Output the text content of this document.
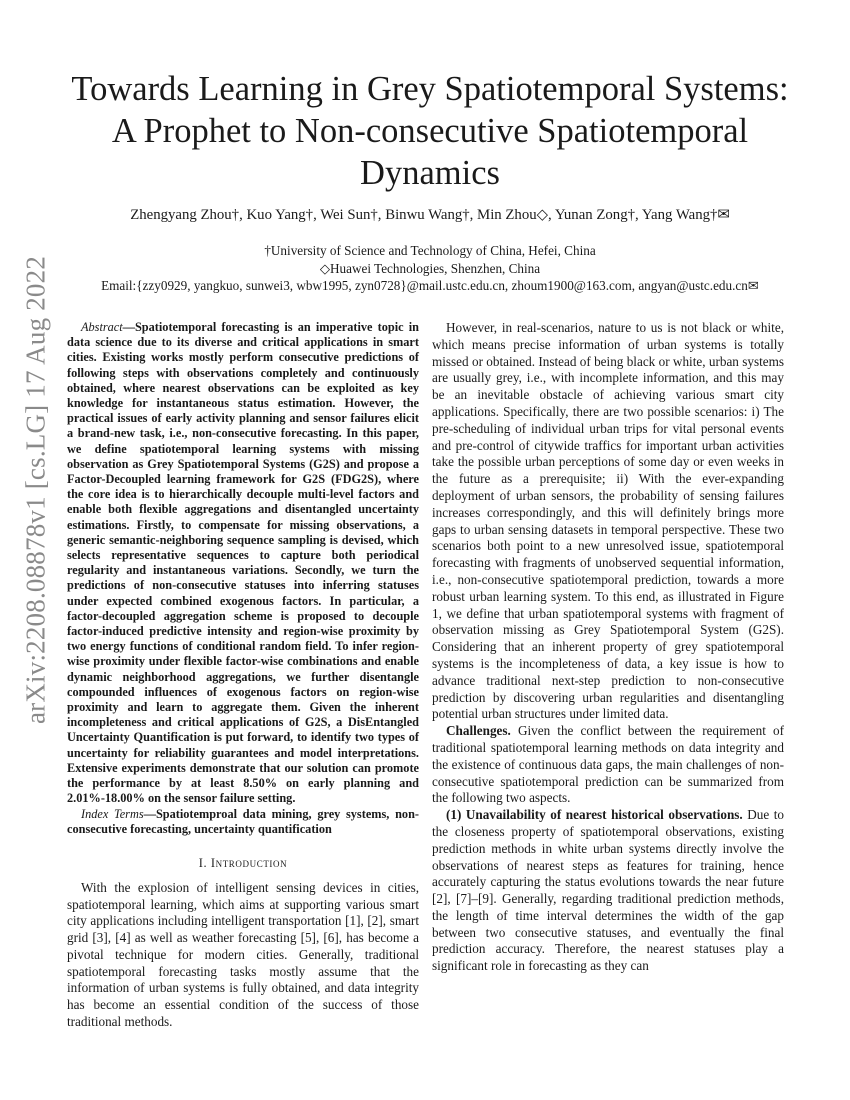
arXiv:2208.08878v1 [cs.LG] 17 Aug 2022
Towards Learning in Grey Spatiotemporal Systems: A Prophet to Non-consecutive Spatiotemporal Dynamics
Zhengyang Zhou†, Kuo Yang†, Wei Sun†, Binwu Wang†, Min Zhou◇, Yunan Zong†, Yang Wang†✉
†University of Science and Technology of China, Hefei, China
◇Huawei Technologies, Shenzhen, China
Email:{zzy0929, yangkuo, sunwei3, wbw1995, zyn0728}@mail.ustc.edu.cn, zhoum1900@163.com, angyan@ustc.edu.cn✉

Abstract—Spatiotemporal forecasting is an imperative topic in data science due to its diverse and critical applications in smart cities. Existing works mostly perform consecutive predictions of following steps with observations completely and continuously obtained, where nearest observations can be exploited as key knowledge for instantaneous status estimation. However, the practical issues of early activity planning and sensor failures elicit a brand-new task, i.e., non-consecutive forecasting. In this paper, we define spatiotemporal learning systems with missing observation as Grey Spatiotemporal Systems (G2S) and propose a Factor-Decoupled learning framework for G2S (FDG2S), where the core idea is to hierarchically decouple multi-level factors and enable both flexible aggregations and disentangled uncertainty estimations. Firstly, to compensate for missing observations, a generic semantic-neighboring sequence sampling is devised, which selects representative sequences to capture both periodical regularity and instantaneous variations. Secondly, we turn the predictions of non-consecutive statuses into inferring statuses under expected combined exogenous factors. In particular, a factor-decoupled aggregation scheme is proposed to decouple factor-induced predictive intensity and region-wise proximity by two energy functions of conditional random field. To infer region-wise proximity under flexible factor-wise combinations and enable dynamic neighborhood aggregations, we further disentangle compounded influences of exogenous factors on region-wise proximity and learn to aggregate them. Given the inherent incompleteness and critical applications of G2S, a DisEntangled Uncertainty Quantification is put forward, to identify two types of uncertainty for reliability guarantees and model interpretations. Extensive experiments demonstrate that our solution can promote the performance by at least 8.50% on early planning and 2.01%-18.00% on the sensor failure setting.

Index Terms—Spatiotemproal data mining, grey systems, non-consecutive forecasting, uncertainty quantification

I. Introduction

With the explosion of intelligent sensing devices in cities, spatiotemporal learning, which aims at supporting various smart city applications including intelligent transportation [1], [2], smart grid [3], [4] as well as weather forecasting [5], [6], has become a pivotal technique for modern cities. Generally, traditional spatiotemporal forecasting tasks mostly assume that the information of urban systems is fully obtained, and data integrity has become an essential condition of the success of those traditional methods.

However, in real-scenarios, nature to us is not black or white, which means precise information of urban systems is totally missed or obtained. Instead of being black or white, urban systems are usually grey, i.e., with incomplete information, and this may be an inevitable obstacle of achieving various smart city applications. Specifically, there are two possible scenarios: i) The pre-scheduling of individual urban trips for vital personal events and pre-control of citywide traffics for important urban activities take the possible urban perceptions of some day or even weeks in the future as a prerequisite; ii) With the ever-expanding deployment of urban sensors, the probability of sensing failures increases correspondingly, and this will definitely brings more gaps to urban sensing datasets in temporal perspective. These two scenarios both point to a new unresolved issue, spatiotemporal forecasting with fragments of unobserved sequential information, i.e., non-consecutive spatiotemporal prediction, towards a more robust urban learning system. To this end, as illustrated in Figure 1, we define that urban spatiotemporal systems with fragment of observation missing as Grey Spatiotemporal System (G2S). Considering that an inherent property of grey spatiotemporal systems is the incompleteness of data, a key issue is how to advance traditional next-step prediction to non-consecutive prediction by discovering urban regularities and disentangling potential urban structures under limited data.

Challenges. Given the conflict between the requirement of traditional spatiotemporal learning methods on data integrity and the existence of continuous data gaps, the main challenges of non-consecutive spatiotemporal prediction can be summarized from the following two aspects.

(1) Unavailability of nearest historical observations. Due to the closeness property of spatiotemporal observations, existing prediction methods in white urban systems directly involve the observations of nearest steps as features for training, hence accurately capturing the status evolutions towards the near future [2], [7]–[9]. Generally, regarding traditional prediction methods, the length of time interval determines the width of the gap between two consecutive statuses, and eventually the final prediction accuracy. Therefore, the nearest statuses play a significant role in forecasting as they can
